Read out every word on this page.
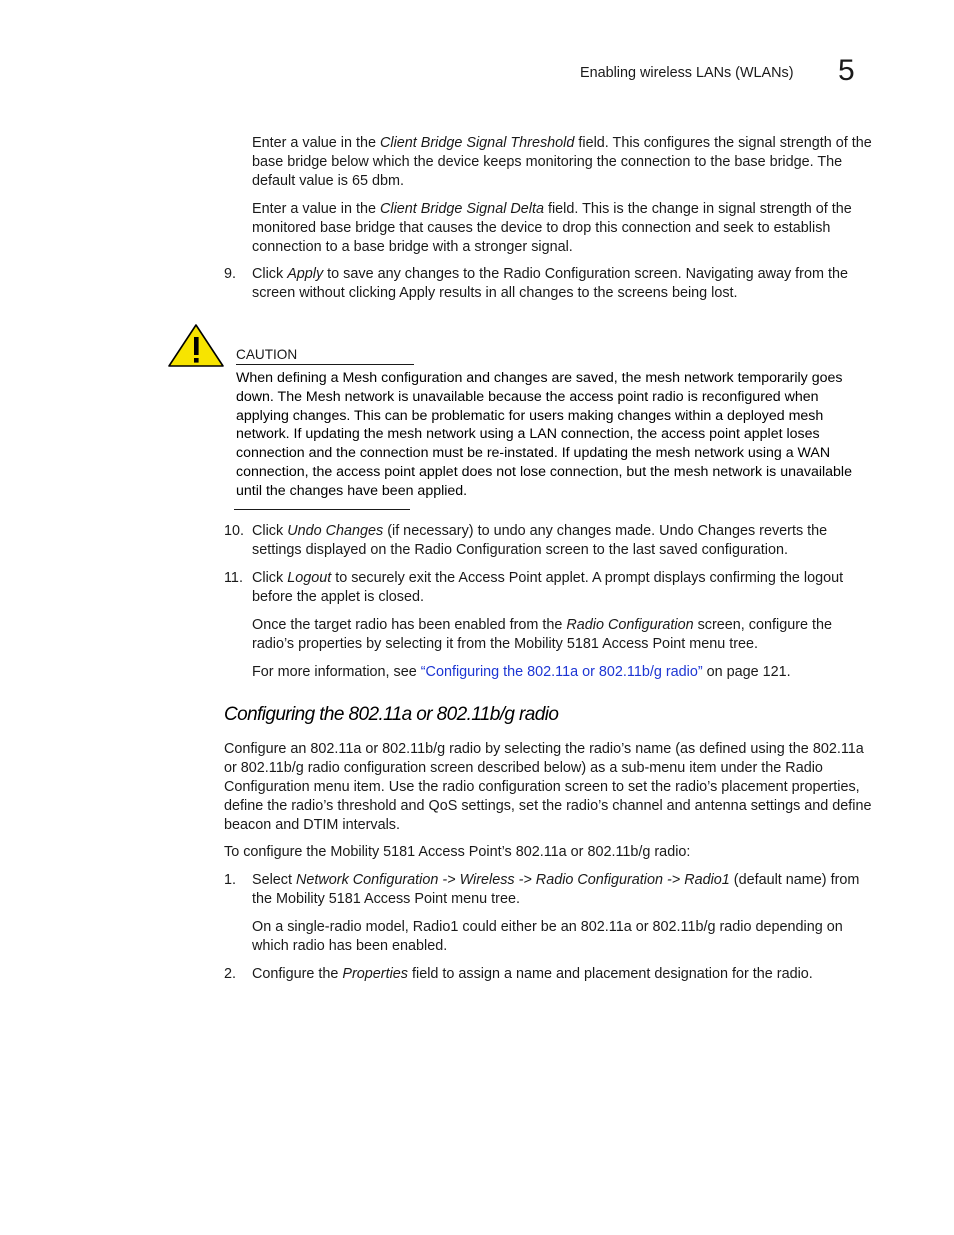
Enabling wireless LANs (WLANs) 5

Enter a value in the Client Bridge Signal Threshold field. This configures the signal strength of the base bridge below which the device keeps monitoring the connection to the base bridge. The default value is 65 dbm.

Enter a value in the Client Bridge Signal Delta field. This is the change in signal strength of the monitored base bridge that causes the device to drop this connection and seek to establish connection to a base bridge with a stronger signal.

9. Click Apply to save any changes to the Radio Configuration screen. Navigating away from the screen without clicking Apply results in all changes to the screens being lost.

CAUTION
When defining a Mesh configuration and changes are saved, the mesh network temporarily goes down. The Mesh network is unavailable because the access point radio is reconfigured when applying changes. This can be problematic for users making changes within a deployed mesh network. If updating the mesh network using a LAN connection, the access point applet loses connection and the connection must be re-instated. If updating the mesh network using a WAN connection, the access point applet does not lose connection, but the mesh network is unavailable until the changes have been applied.
10. Click Undo Changes (if necessary) to undo any changes made. Undo Changes reverts the settings displayed on the Radio Configuration screen to the last saved configuration.

11. Click Logout to securely exit the Access Point applet. A prompt displays confirming the logout before the applet is closed.

Once the target radio has been enabled from the Radio Configuration screen, configure the radio’s properties by selecting it from the Mobility 5181 Access Point menu tree.

For more information, see “Configuring the 802.11a or 802.11b/g radio” on page 121.

Configuring the 802.11a or 802.11b/g radio

Configure an 802.11a or 802.11b/g radio by selecting the radio’s name (as defined using the 802.11a or 802.11b/g radio configuration screen described below) as a sub-menu item under the Radio Configuration menu item. Use the radio configuration screen to set the radio’s placement properties, define the radio’s threshold and QoS settings, set the radio’s channel and antenna settings and define beacon and DTIM intervals.

To configure the Mobility 5181 Access Point’s 802.11a or 802.11b/g radio:

1. Select Network Configuration -> Wireless -> Radio Configuration -> Radio1 (default name) from the Mobility 5181 Access Point menu tree.

On a single-radio model, Radio1 could either be an 802.11a or 802.11b/g radio depending on which radio has been enabled.

2. Configure the Properties field to assign a name and placement designation for the radio.
